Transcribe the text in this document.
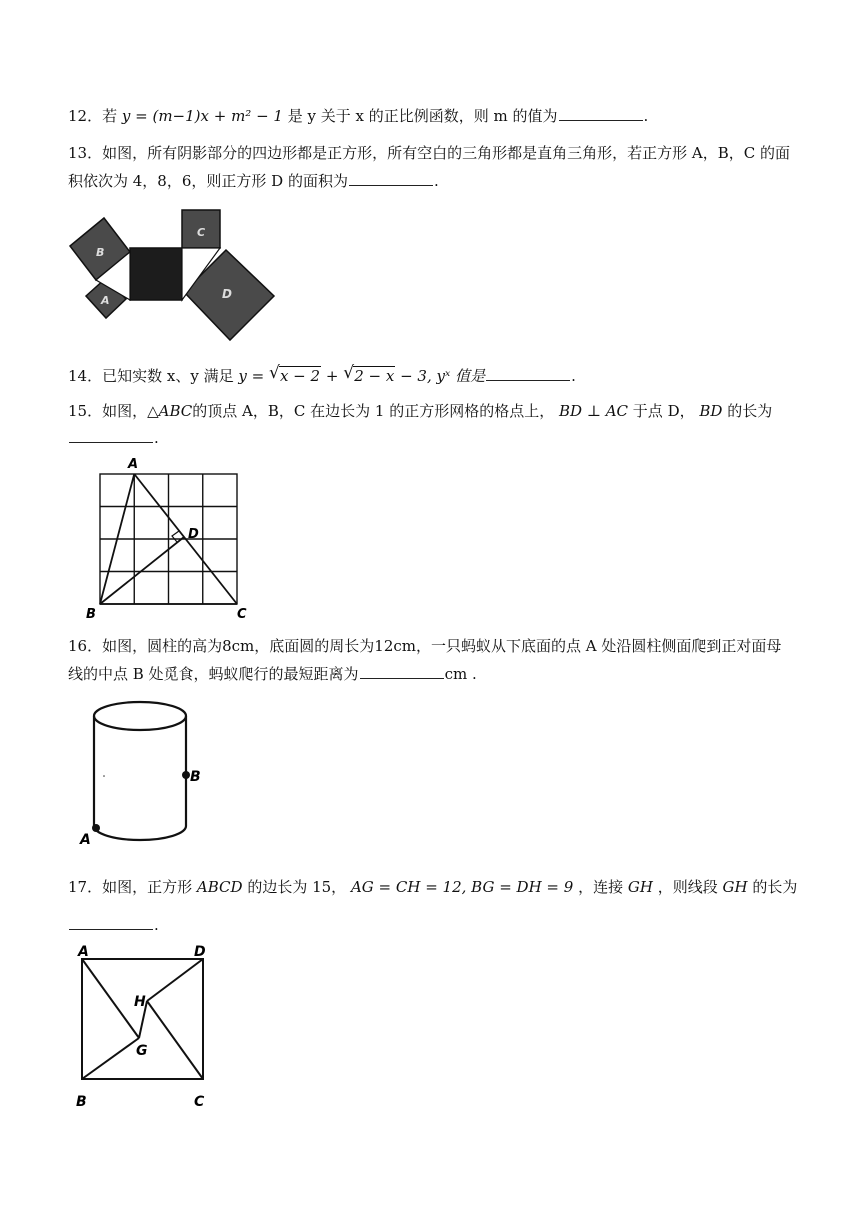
12．若 y = (m−1)x + m² − 1 是 y 关于 x 的正比例函数，则 m 的值为	.
13．如图，所有阴影部分的四边形都是正方形，所有空白的三角形都是直角三角形，若正方形 A，B，C 的面
积依次为 4，8，6，则正方形 D 的面积为	.
B
A
C
D
14．已知实数 x、y 满足 y = √ x − 2 + √ 2 − x − 3, yˣ 值是	.
15．如图，△ABC的顶点 A，B，C 在边长为 1 的正方形网格的格点上， BD ⊥ AC 于点 D， BD 的长为
.
A
D
B	C
16．如图，圆柱的高为8cm，底面圆的周长为12cm，一只蚂蚁从下底面的点 A 处沿圆柱侧面爬到正对面母
线的中点 B 处觅食，蚂蚁爬行的最短距离为	cm .
B
A
17．如图，正方形 ABCD 的边长为 15， AG = CH = 12, BG = DH = 9 ，连接 GH ，则线段 GH 的长为
.
A	D
H
G
B	C
